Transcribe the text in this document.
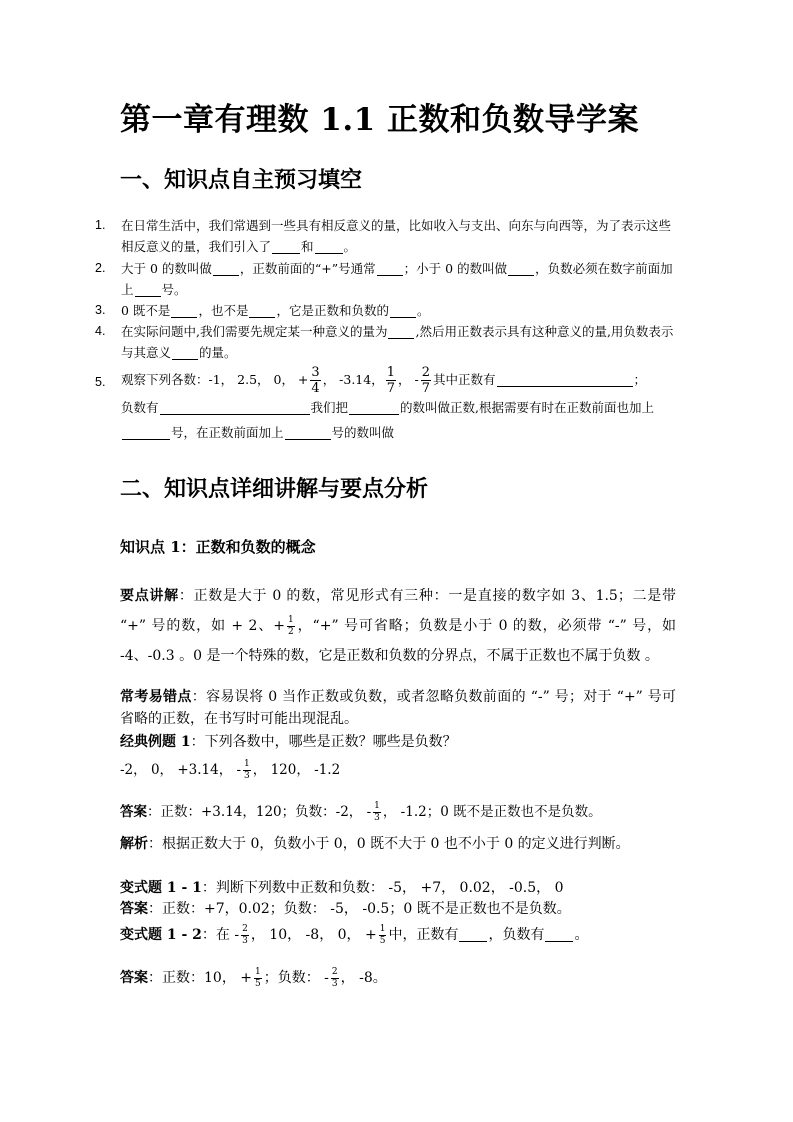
第一章有理数 1.1 正数和负数导学案
一、知识点自主预习填空
1.	在日常生活中，我们常遇到一些具有相反意义的量，比如收入与支出、向东与向西等，为了表示这些相反意义的量，我们引入了 和 。
2.	大于 0 的数叫做 ，正数前面的“+”号通常 ；小于 0 的数叫做 ，负数必须在数字前面加上 号。
3.	0 既不是 ，也不是 ，它是正数和负数的 。
4.	在实际问题中,我们需要先规定某一种意义的量为 ,然后用正数表示具有这种意义的量,用负数表示与其意义 的量。
5.	观察下列各数：-1， 2.5， 0， + $\frac{3}{4}$ ， -3.14， $\frac{1}{7}$ ， - $\frac{2}{7}$ 其中正数有	；
负数有	我们把	的数叫做正数,根据需要有时在正数前面也加上号，在正数前面加上	号的数叫做
二、知识点详细讲解与要点分析
知识点 1：正数和负数的概念
要点讲解：正数是大于 0 的数，常见形式有三种：一是直接的数字如 3、1.5；二是带 “+” 号的数，如 + 2、+ $\frac{1}{2}$ ，“+” 号可省略；负数是小于 0 的数，必须带 “-” 号，如 -4、-0.3 。0 是一个特殊的数，它是正数和负数的分界点，不属于正数也不属于负数 。
常考易错点：容易误将 0 当作正数或负数，或者忽略负数前面的 “-” 号；对于 “+” 号可省略的正数，在书写时可能出现混乱。
经典例题 1：下列各数中，哪些是正数？哪些是负数？
-2， 0， +3.14， - $\frac{1}{3}$ ， 120， -1.2
答案：正数：+3.14，120；负数：-2， - $\frac{1}{3}$ ， -1.2；0 既不是正数也不是负数。
解析：根据正数大于 0，负数小于 0，0 既不大于 0 也不小于 0 的定义进行判断。
变式题 1 - 1：判断下列数中正数和负数： -5， +7， 0.02， -0.5， 0
答案：正数：+7，0.02；负数： -5， -0.5；0 既不是正数也不是负数。
变式题 1 - 2：在 - $\frac{2}{3}$ ， 10， -8， 0， + $\frac{1}{5}$ 中，正数有 ，负数有 。
答案：正数：10， + $\frac{1}{5}$ ；负数： - $\frac{2}{3}$ ， -8。
